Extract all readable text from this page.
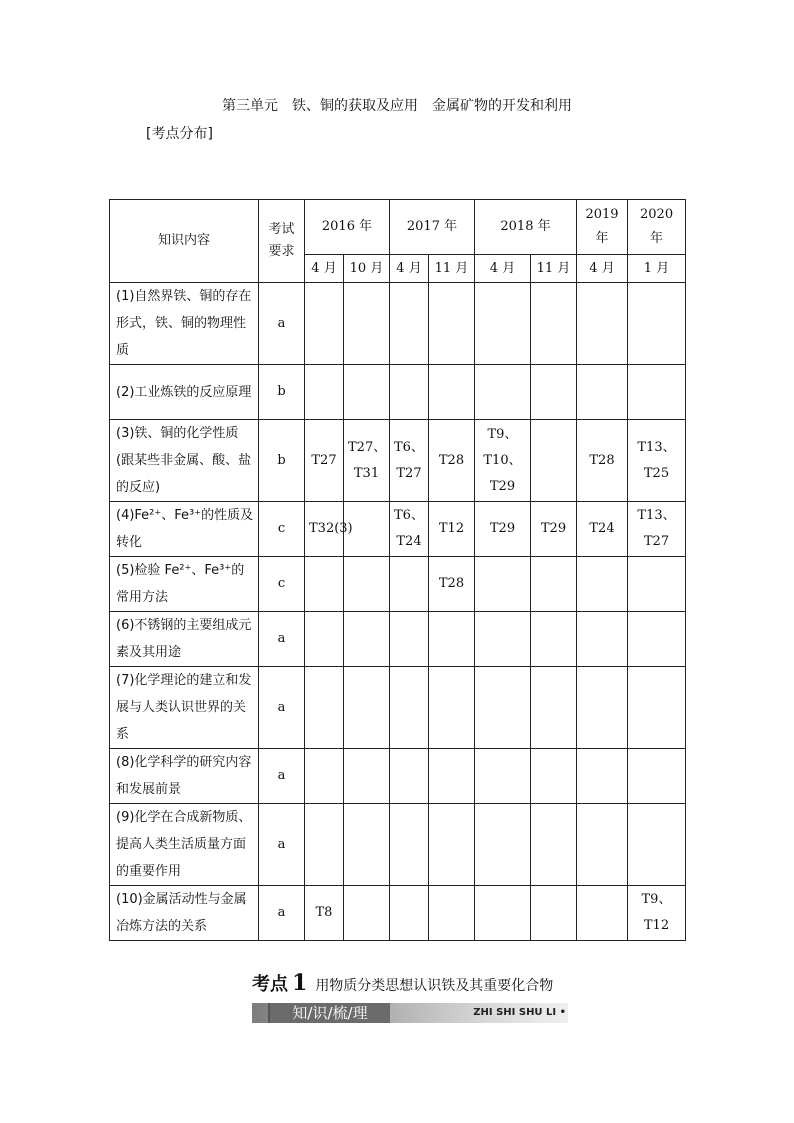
第三单元　铁、铜的获取及应用　金属矿物的开发和利用
[考点分布]
知识内容	考试要求	2016 年		2017 年		2018 年		2019 年	2020 年
		4 月	10 月	4 月	11 月	4 月	11 月	4 月	1 月
(1)自然界铁、铜的存在形式，铁、铜的物理性质	a								
(2)工业炼铁的反应原理	b								
(3)铁、铜的化学性质(跟某些非金属、酸、盐的反应)	b	T27	T27、T31	T6、T27	T28	T9、T10、T29		T28	T13、T25
(4)Fe²⁺、Fe³⁺的性质及转化	c	T32(3)		T6、T24	T12	T29	T29	T24	T13、T27
(5)检验 Fe²⁺、Fe³⁺的常用方法	c				T28				
(6)不锈钢的主要组成元素及其用途	a								
(7)化学理论的建立和发展与人类认识世界的关系	a								
(8)化学科学的研究内容和发展前景	a								
(9)化学在合成新物质、提高人类生活质量方面的重要作用	a								
(10)金属活动性与金属冶炼方法的关系	a	T8							T9、T12
考点 1 用物质分类思想认识铁及其重要化合物
知/识/梳/理	ZHI SHI SHU LI •
